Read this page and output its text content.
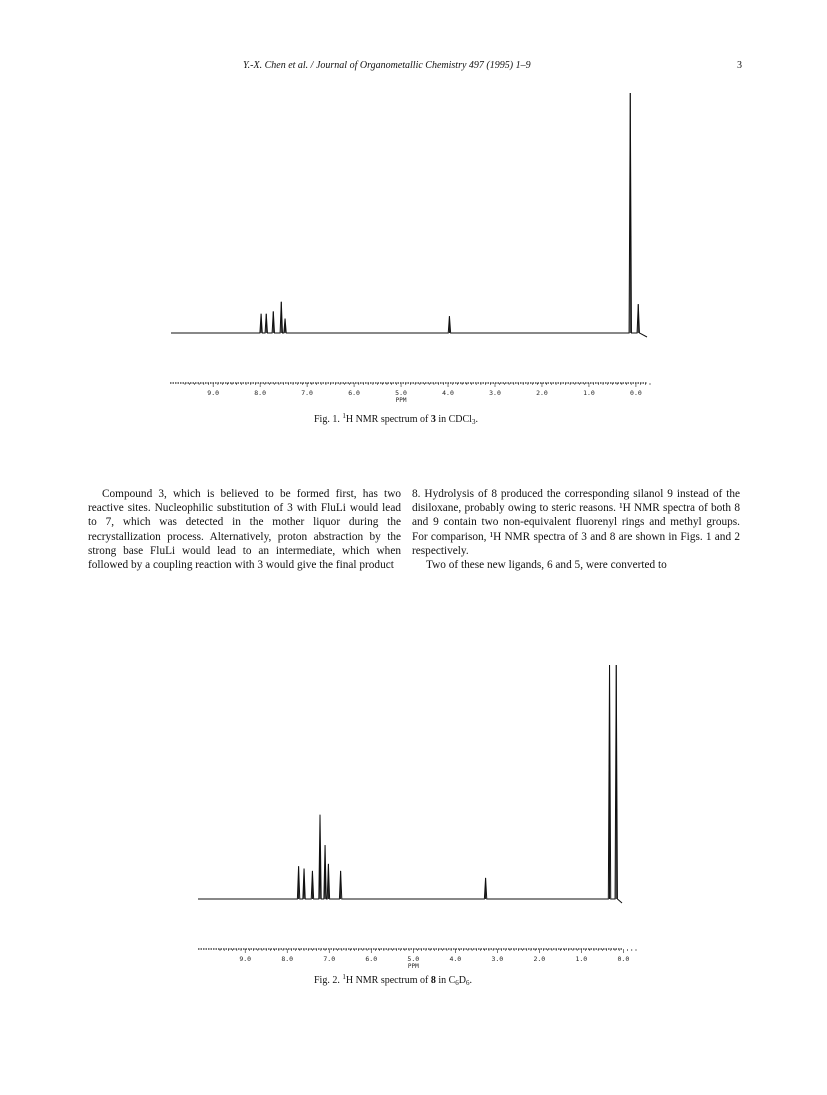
Y.-X. Chen et al. / Journal of Organometallic Chemistry 497 (1995) 1–9	3
9.0	8.0	7.0	6.0	5.0	4.0	3.0	2.0	1.0	0.0
PPM
Fig. 1. $^1$H NMR spectrum of 3 in CDCl$_3$.

Compound 3, which is believed to be formed first, has two reactive sites. Nucleophilic substitution of 3 with FluLi would lead to 7, which was detected in the mother liquor during the recrystallization process. Alternatively, proton abstraction by the strong base FluLi would lead to an intermediate, which when followed by a coupling reaction with 3 would give the final product

8. Hydrolysis of 8 produced the corresponding silanol 9 instead of the disiloxane, probably owing to steric reasons. ¹H NMR spectra of both 8 and 9 contain two non-equivalent fluorenyl rings and methyl groups. For comparison, ¹H NMR spectra of 3 and 8 are shown in Figs. 1 and 2 respectively.

Two of these new ligands, 6 and 5, were converted to

9.0	8.0	7.0	6.0	5.0	4.0	3.0	2.0	1.0	0.0
PPM
Fig. 2. $^1$H NMR spectrum of 8 in $C_6D_6$.
